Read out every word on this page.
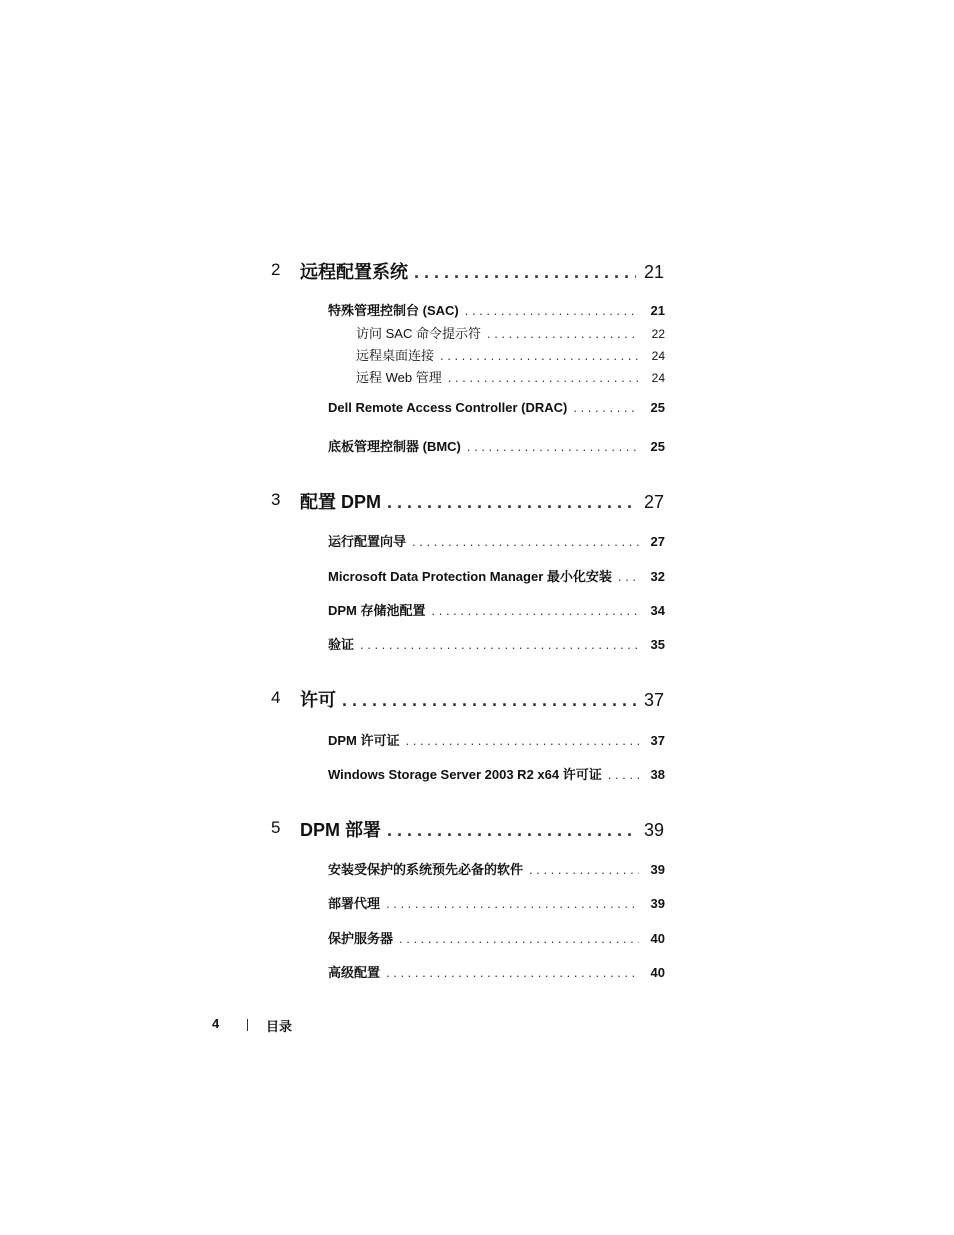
2 远程配置系统 . . .	21
特殊管理控制台 (SAC) . . .	21
访问 SAC 命令提示符 . . .	22
远程桌面连接 . . .	24
远程 Web 管理 . . .	24
Dell Remote Access Controller (DRAC) . . .	25
底板管理控制器 (BMC) . . .	25
3 配置 DPM . . .	27
运行配置向导 . . .	27
Microsoft Data Protection Manager 最小化安装 . . .	32
DPM 存储池配置 . . .	34
验证 . . .	35
4 许可 . . .	37
DPM 许可证 . . .	37
Windows Storage Server 2003 R2 x64 许可证 . . .	38
5 DPM 部署 . . .	39
安装受保护的系统预先必备的软件 . . .	39
部署代理 . . .	39
保护服务器 . . .	40
高级配置 . . .	40
4	目录
